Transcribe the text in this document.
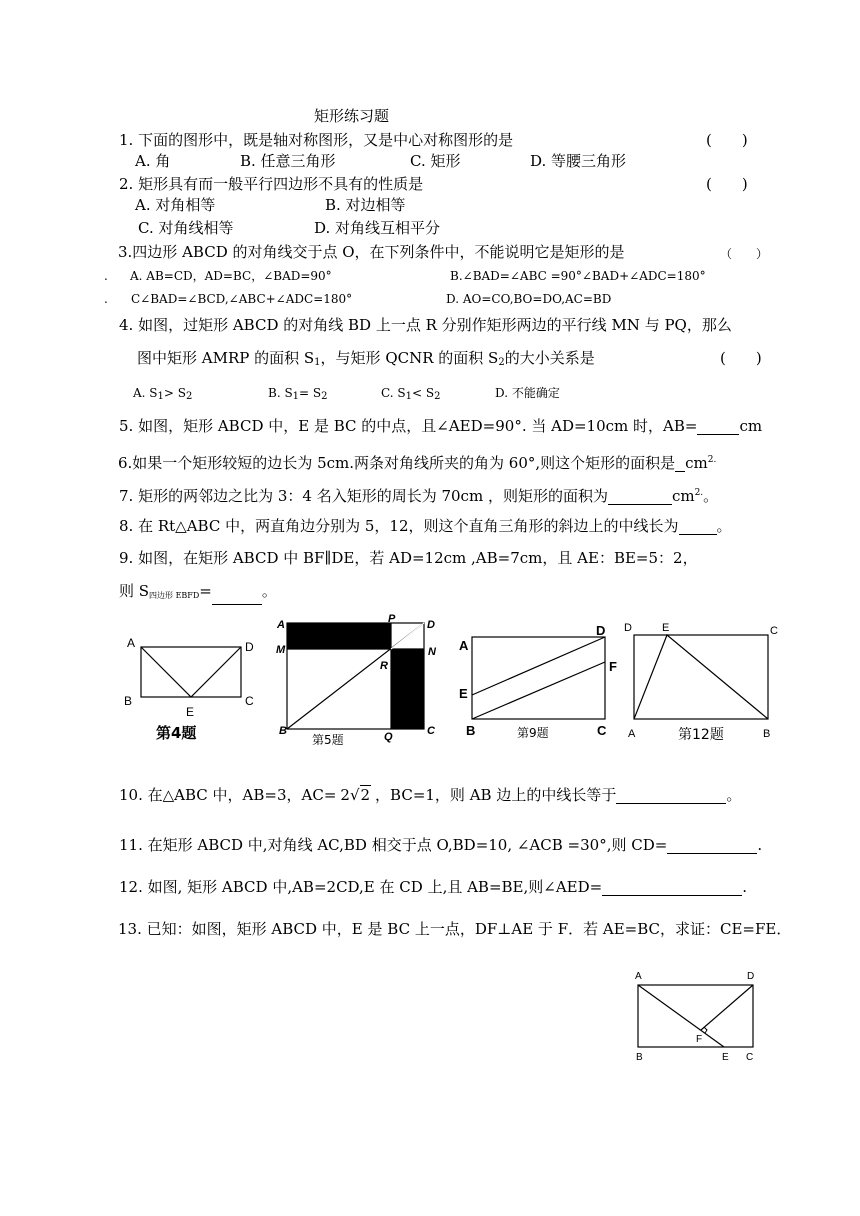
矩形练习题
1. 下面的图形中，既是轴对称图形，又是中心对称图形的是	(　　)
A. 角	B. 任意三角形	C. 矩形	D. 等腰三角形
2. 矩形具有而一般平行四边形不具有的性质是	(　　)
A. 对角相等	B. 对边相等
C. 对角线相等	D. 对角线互相平分
3.四边形 ABCD 的对角线交于点 O，在下列条件中，不能说明它是矩形的是	（　　）
. A. AB=CD，AD=BC，∠BAD=90°	B.∠BAD=∠ABC =90°∠BAD+∠ADC=180°
. C∠BAD=∠BCD,∠ABC+∠ADC=180°	D. AO=CO,BO=DO,AC=BD
4. 如图，过矩形 ABCD 的对角线 BD 上一点 R 分别作矩形两边的平行线 MN 与 PQ，那么
图中矩形 AMRP 的面积 $S_1$，与矩形 QCNR 的面积 $S_2$的大小关系是	(　　)
A. $S_1> S_2$	B. $S_1= S_2$	C. $S_1< S_2$	D. 不能确定
5. 如图，矩形 ABCD 中，E 是 BC 的中点，且∠AED=90°. 当 AD=10cm 时，AB=	cm
6.如果一个矩形较短的边长为 5cm.两条对角线所夹的角为 60°,则这个矩形的面积是 $cm^{2.}$
7. 矩形的两邻边之比为 3：4 名入矩形的周长为 70cm ，则矩形的面积为	$cm^{2.}$。
8. 在 Rt△ABC 中，两直角边分别为 5，12，则这个直角三角形的斜边上的中线长为	。
9. 如图，在矩形 ABCD 中 BF∥DE，若 AD=12cm ,AB=7cm，且 AE：BE=5：2，
则 $S_{四边形 EBFD}=$	。
A	D
B
E
C
第4题
A	P	D
M	N
R
B	Q	C
第5题
A
D
F
E
B	C
第9题
D	E	C
A	B
第12题
10. 在△ABC 中，AB=3，AC= 2√2 ，BC=1，则 AB 边上的中线长等于	。
11. 在矩形 ABCD 中,对角线 AC,BD 相交于点 O,BD=10, ∠ACB =30°,则 CD=	.
12. 如图, 矩形 ABCD 中,AB=2CD,E 在 CD 上,且 AB=BE,则∠AED=	.
13. 已知：如图，矩形 ABCD 中，E 是 BC 上一点，DF⊥AE 于 F．若 AE=BC，求证：CE=FE．
A	D
F
B	E C
